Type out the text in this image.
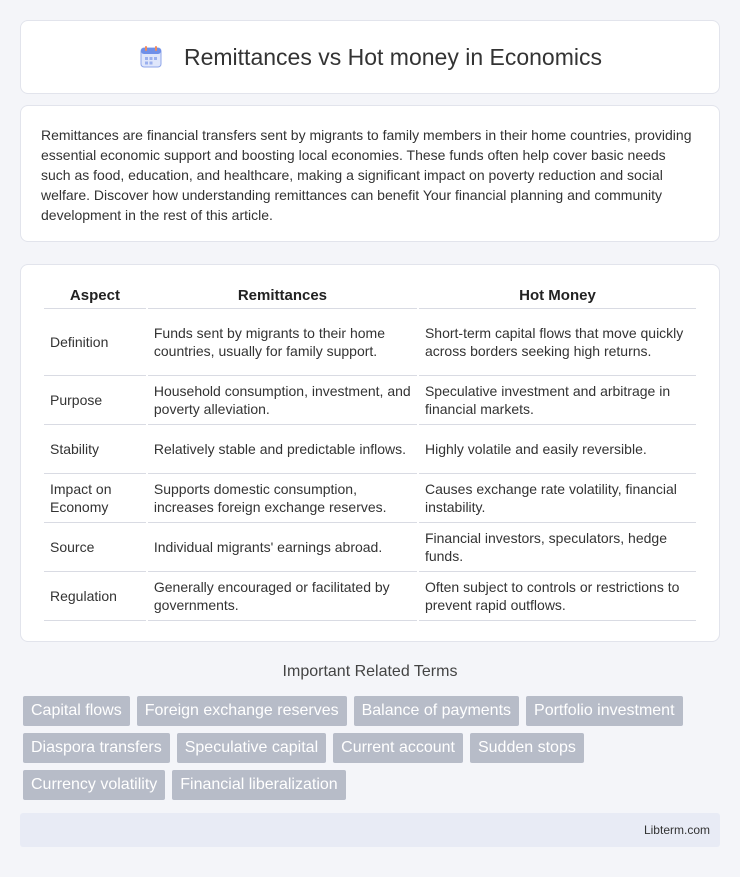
Remittances vs Hot money in Economics

Remittances are financial transfers sent by migrants to family members in their home countries, providing essential economic support and boosting local economies. These funds often help cover basic needs such as food, education, and healthcare, making a significant impact on poverty reduction and social welfare. Discover how understanding remittances can benefit Your financial planning and community development in the rest of this article.

Aspect	Remittances	Hot Money
Definition	Funds sent by migrants to their home countries, usually for family support.	Short-term capital flows that move quickly across borders seeking high returns.
Purpose	Household consumption, investment, and poverty alleviation.	Speculative investment and arbitrage in financial markets.
Stability	Relatively stable and predictable inflows.	Highly volatile and easily reversible.
Impact on Economy	Supports domestic consumption, increases foreign exchange reserves.	Causes exchange rate volatility, financial instability.
Source	Individual migrants' earnings abroad.	Financial investors, speculators, hedge funds.
Regulation	Generally encouraged or facilitated by governments.	Often subject to controls or restrictions to prevent rapid outflows.
Important Related Terms
Capital flows	Foreign exchange reserves	Balance of payments	Portfolio investment
Diaspora transfers	Speculative capital	Current account	Sudden stops
Currency volatility	Financial liberalization
Libterm.com
